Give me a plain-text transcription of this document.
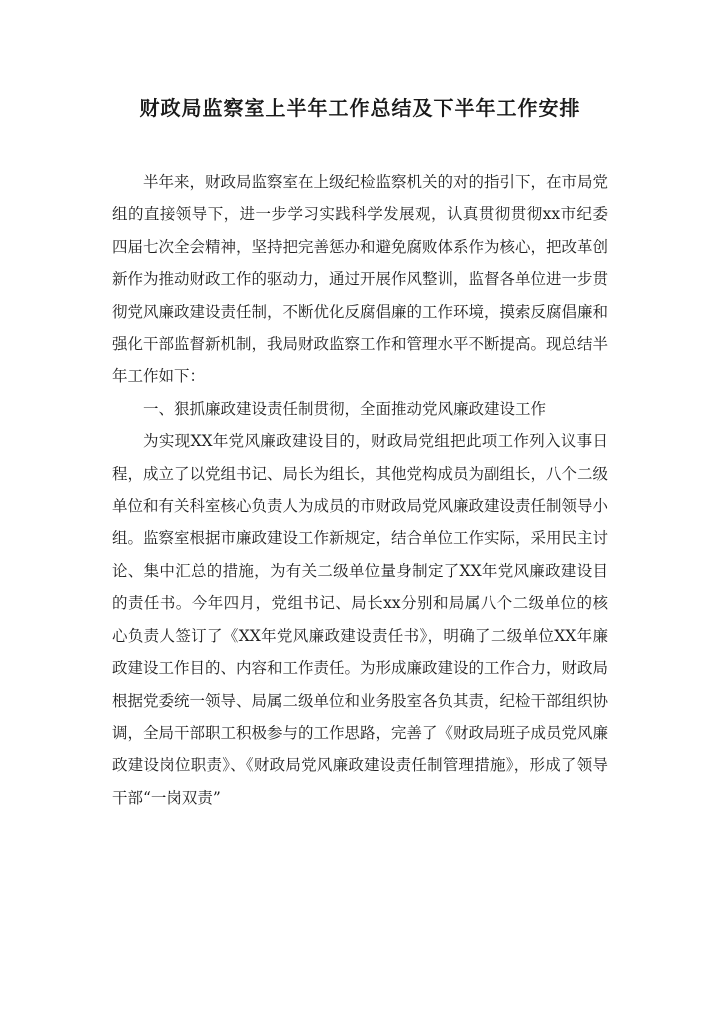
财政局监察室上半年工作总结及下半年工作安排

半年来，财政局监察室在上级纪检监察机关的对的指引下，在市局党组的直接领导下，进一步学习实践科学发展观，认真贯彻贯彻xx市纪委四届七次全会精神，坚持把完善惩办和避免腐败体系作为核心，把改革创新作为推动财政工作的驱动力，通过开展作风整训，监督各单位进一步贯彻党风廉政建设责任制，不断优化反腐倡廉的工作环境，摸索反腐倡廉和强化干部监督新机制，我局财政监察工作和管理水平不断提高。现总结半年工作如下：

一、狠抓廉政建设责任制贯彻，全面推动党风廉政建设工作

为实现XX年党风廉政建设目的，财政局党组把此项工作列入议事日程，成立了以党组书记、局长为组长，其他党构成员为副组长，八个二级单位和有关科室核心负责人为成员的市财政局党风廉政建设责任制领导小组。监察室根据市廉政建设工作新规定，结合单位工作实际，采用民主讨论、集中汇总的措施，为有关二级单位量身制定了XX年党风廉政建设目的责任书。今年四月，党组书记、局长xx分别和局属八个二级单位的核心负责人签订了《XX年党风廉政建设责任书》，明确了二级单位XX年廉政建设工作目的、内容和工作责任。为形成廉政建设的工作合力，财政局根据党委统一领导、局属二级单位和业务股室各负其责，纪检干部组织协调，全局干部职工积极参与的工作思路，完善了《财政局班子成员党风廉政建设岗位职责》、《财政局党风廉政建设责任制管理措施》，形成了领导干部“一岗双责”
